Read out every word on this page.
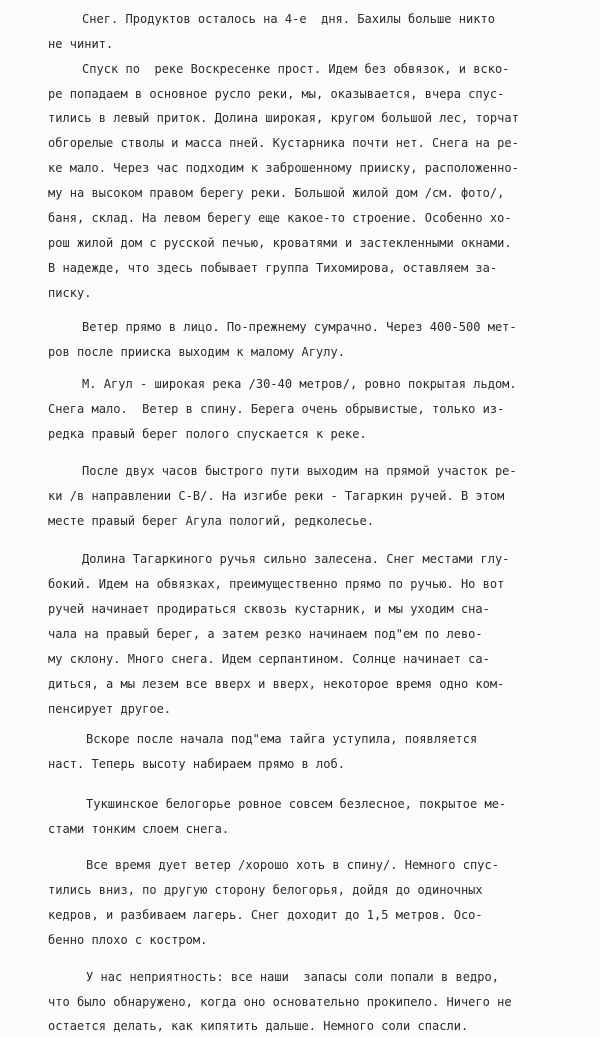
Снег. Продуктов осталось на 4-е  дня. Бахилы больше никто
не чинит.
Спуск по  реке Воскресенке прост. Идем без обвязок, и вско-
ре попадаем в основное русло реки, мы, оказывается, вчера спус-
тились в левый приток. Долина широкая, кругом большой лес, торчат
обгорелые стволы и масса пней. Кустарника почти нет. Снега на ре-
ке мало. Через час подходим к заброшенному прииску, расположенно-
му на высоком правом берегу реки. Большой жилой дом /см. фото/,
баня, склад. На левом берегу еще какое-то строение. Особенно хо-
рош жилой дом с русской печью, кроватями и застекленными окнами.
В надежде, что здесь побывает группа Тихомирова, оставляем за-
писку.
Ветер прямо в лицо. По-прежнему сумрачно. Через 400-500 мет-
ров после прииска выходим к малому Агулу.
М. Агул - широкая река /30-40 метров/, ровно покрытая льдом.
Снега мало.  Ветер в спину. Берега очень обрывистые, только из-
редка правый берег полого спускается к реке.
После двух часов быстрого пути выходим на прямой участок ре-
ки /в направлении С-В/. На изгибе реки - Тагаркин ручей. В этом
месте правый берег Агула пологий, редколесье.
Долина Тагаркиного ручья сильно залесена. Снег местами глу-
бокий. Идем на обвязках, преимущественно прямо по ручью. Но вот
ручей начинает продираться сквозь кустарник, и мы уходим сна-
чала на правый берег, а затем резко начинаем под"ем по лево-
му склону. Много снега. Идем серпантином. Солнце начинает са-
диться, а мы лезем все вверх и вверх, некоторое время одно ком-
пенсирует другое.
Вскоре после начала под"ема тайга уступила, появляется
наст. Теперь высоту набираем прямо в лоб.
Тукшинское белогорье ровное совсем безлесное, покрытое ме-
стами тонким слоем снега.
Все время дует ветер /хорошо хоть в спину/. Немного спус-
тились вниз, по другую сторону белогорья, дойдя до одиночных
кедров, и разбиваем лагерь. Снег доходит до 1,5 метров. Осо-
бенно плохо с костром.
У нас неприятность: все наши  запасы соли попали в ведро,
что было обнаружено, когда оно основательно прокипело. Ничего не
остается делать, как кипятить дальше. Немного соли спасли.
